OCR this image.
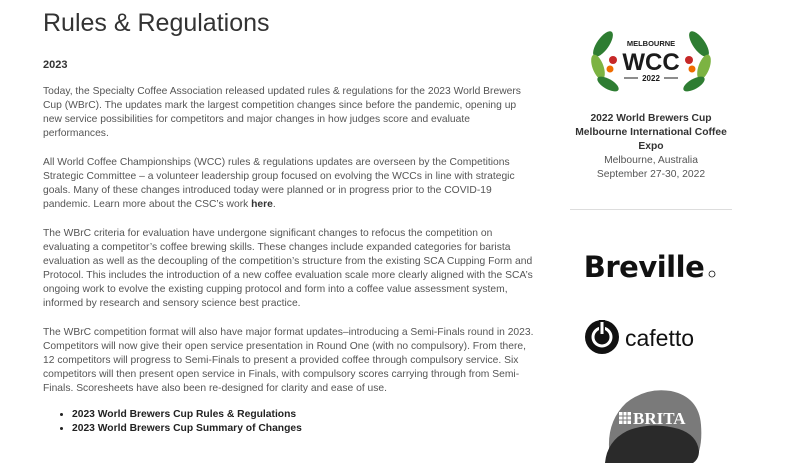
Rules & Regulations
2023

Today, the Specialty Coffee Association released updated rules & regulations for the 2023 World Brewers Cup (WBrC). The updates mark the largest competition changes since before the pandemic, opening up new service possibilities for competitors and major changes in how judges score and evaluate performances.

All World Coffee Championships (WCC) rules & regulations updates are overseen by the Competitions Strategic Committee – a volunteer leadership group focused on evolving the WCCs in line with strategic goals. Many of these changes introduced today were planned or in progress prior to the COVID-19 pandemic. Learn more about the CSC’s work here.

The WBrC criteria for evaluation have undergone significant changes to refocus the competition on evaluating a competitor’s coffee brewing skills. These changes include expanded categories for barista evaluation as well as the decoupling of the competition’s structure from the existing SCA Cupping Form and Protocol. This includes the introduction of a new coffee evaluation scale more clearly aligned with the SCA’s ongoing work to evolve the existing cupping protocol and form into a coffee value assessment system, informed by research and sensory science best practice.

The WBrC competition format will also have major format updates–introducing a Semi-Finals round in 2023. Competitors will now give their open service presentation in Round One (with no compulsory). From there, 12 competitors will progress to Semi-Finals to present a provided coffee through compulsory service. Six competitors will then present open service in Finals, with compulsory scores carrying through from Semi-Finals. Scoresheets have also been re-designed for clarity and ease of use.

• 2023 World Brewers Cup Rules & Regulations
• 2023 World Brewers Cup Summary of Changes
MELBOURNE
WCC
2022
2022 World Brewers Cup
Melbourne International Coffee Expo
Melbourne, Australia
September 27-30, 2022
Breville
cafetto
BRITA
